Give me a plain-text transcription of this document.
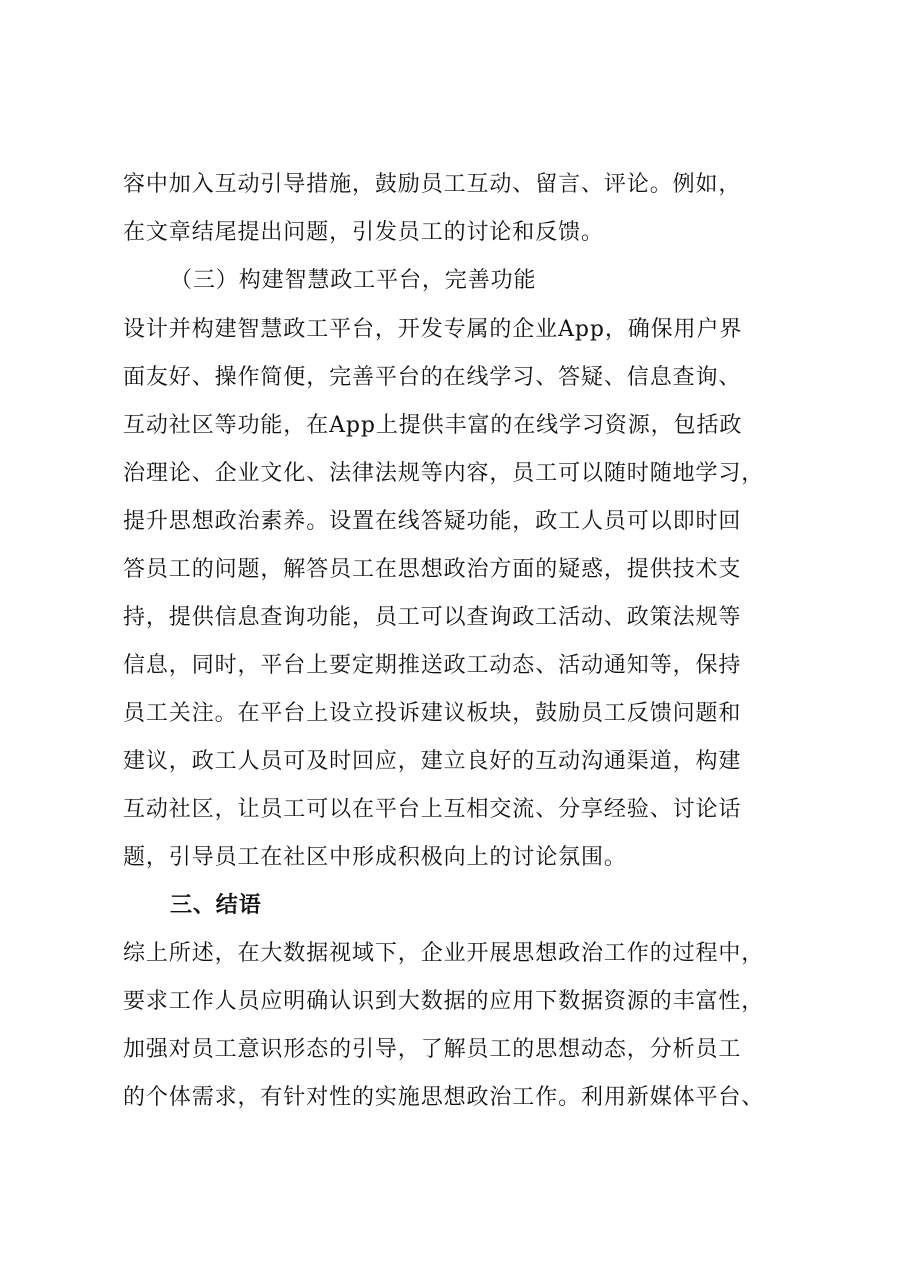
容中加入互动引导措施，鼓励员工互动、留言、评论。例如，
在文章结尾提出问题，引发员工的讨论和反馈。
（三）构建智慧政工平台，完善功能
设计并构建智慧政工平台，开发专属的企业App，确保用户界
面友好、操作简便，完善平台的在线学习、答疑、信息查询、
互动社区等功能，在App上提供丰富的在线学习资源，包括政
治理论、企业文化、法律法规等内容，员工可以随时随地学习，
提升思想政治素养。设置在线答疑功能，政工人员可以即时回
答员工的问题，解答员工在思想政治方面的疑惑，提供技术支
持，提供信息查询功能，员工可以查询政工活动、政策法规等
信息，同时，平台上要定期推送政工动态、活动通知等，保持
员工关注。在平台上设立投诉建议板块，鼓励员工反馈问题和
建议，政工人员可及时回应，建立良好的互动沟通渠道，构建
互动社区，让员工可以在平台上互相交流、分享经验、讨论话
题，引导员工在社区中形成积极向上的讨论氛围。
三、结语
综上所述，在大数据视域下，企业开展思想政治工作的过程中，
要求工作人员应明确认识到大数据的应用下数据资源的丰富性，
加强对员工意识形态的引导，了解员工的思想动态，分析员工
的个体需求，有针对性的实施思想政治工作。利用新媒体平台、
